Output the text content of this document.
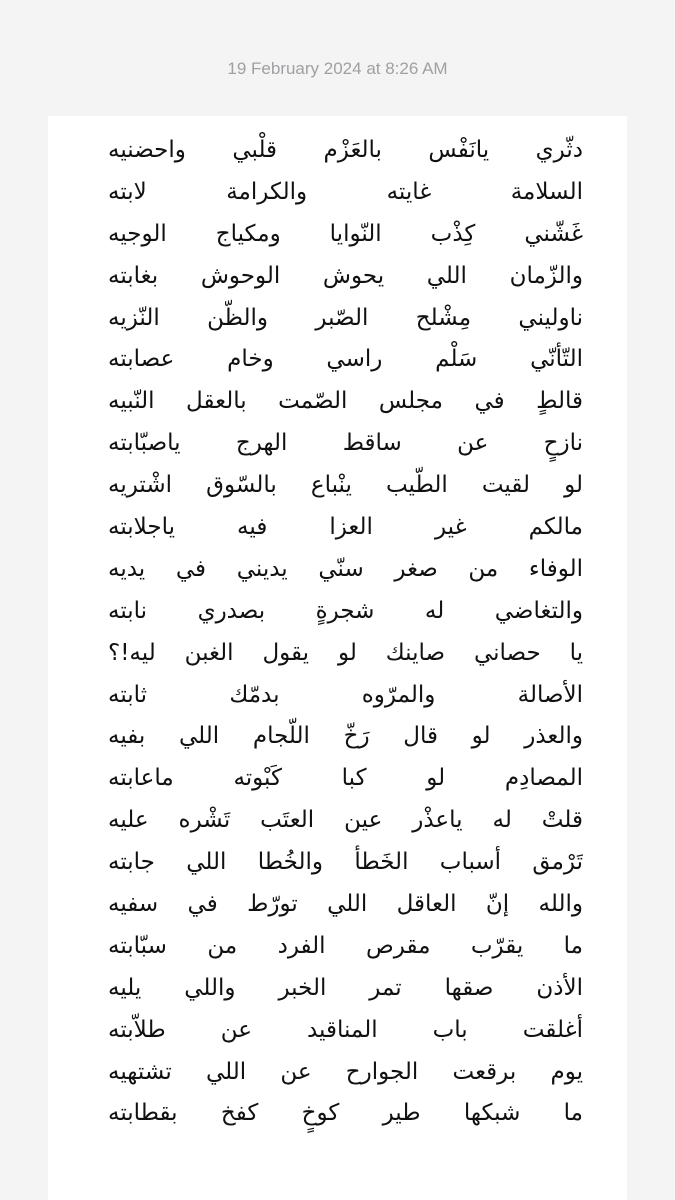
19 February 2024 at 8:26 AM
دثّري يانَفْس بالعَزْم قلْبي واحضنيه
السلامة غايته والكرامة لابته
غَشّني كِذْب النّوايا ومكياج الوجيه
والزّمان اللي يحوش الوحوش بغابته
ناوليني مِشْلح الصّبر والظّن النّزيه
التّأنّي سَلْم راسي وخام عصابته
قالطٍ في مجلس الصّمت بالعقل النّبيه
نازحٍ عن ساقط الهرج ياصبّابته
لو لقيت الطّيب ينْباع بالسّوق اشْتريه
مالكم غير العزا فيه ياجلابته
الوفاء من صغر سنّي يديني في يديه
والتغاضي له شجرةٍ بصدري نابته
يا حصاني صاينك لو يقول الغبن ليه!؟
الأصالة والمرّوه بدمّك ثابته
والعذر لو قال رَخّ اللّجام اللي بفيه
المصادِم لو كبا كَبْوته ماعابته
قلتْ له ياعذْر عين العتَب تَشْره عليه
تَرْمق أسباب الخَطأ والخُطا اللي جابته
والله إنّ العاقل اللي تورّط في سفيه
ما يقرّب مقرص الفرد من سبّابته
الأذن صقها تمر الخبر واللي يليه
أغلقت باب المناقيد عن طلاّبته
يوم برقعت الجوارح عن اللي تشتهيه
ما شبكها طير كوخٍ كفخ بقطابته
